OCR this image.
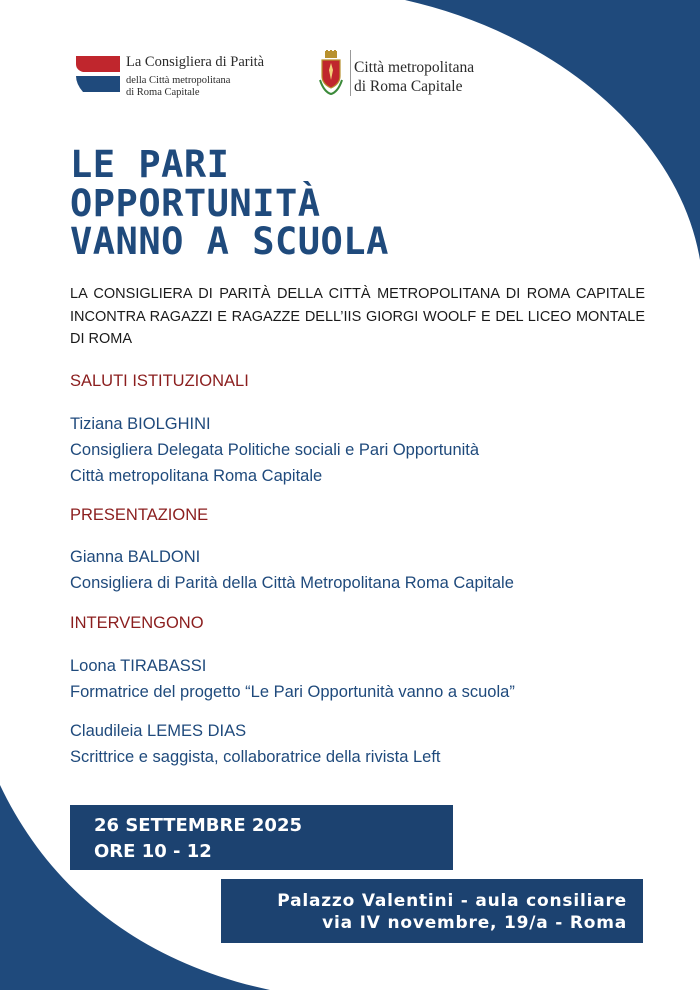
La Consigliera di Parità
della Città metropolitana
di Roma Capitale
Città metropolitana
di Roma Capitale
LE PARI
OPPORTUNITÀ
VANNO A SCUOLA

LA CONSIGLIERA DI PARITÀ DELLA CITTÀ METROPOLITANA DI ROMA CAPITALE INCONTRA RAGAZZI E RAGAZZE DELL’IIS GIORGI WOOLF E DEL LICEO MONTALE DI ROMA

SALUTI ISTITUZIONALI
Tiziana BIOLGHINI
Consigliera Delegata Politiche sociali e Pari Opportunità
Città metropolitana Roma Capitale
PRESENTAZIONE
Gianna BALDONI
Consigliera di Parità della Città Metropolitana Roma Capitale
INTERVENGONO
Loona TIRABASSI
Formatrice del progetto “Le Pari Opportunità vanno a scuola”
Claudileia LEMES DIAS
Scrittrice e saggista, collaboratrice della rivista Left
26 SETTEMBRE 2025
ORE 10 - 12
Palazzo Valentini - aula consiliare
via IV novembre, 19/a - Roma
